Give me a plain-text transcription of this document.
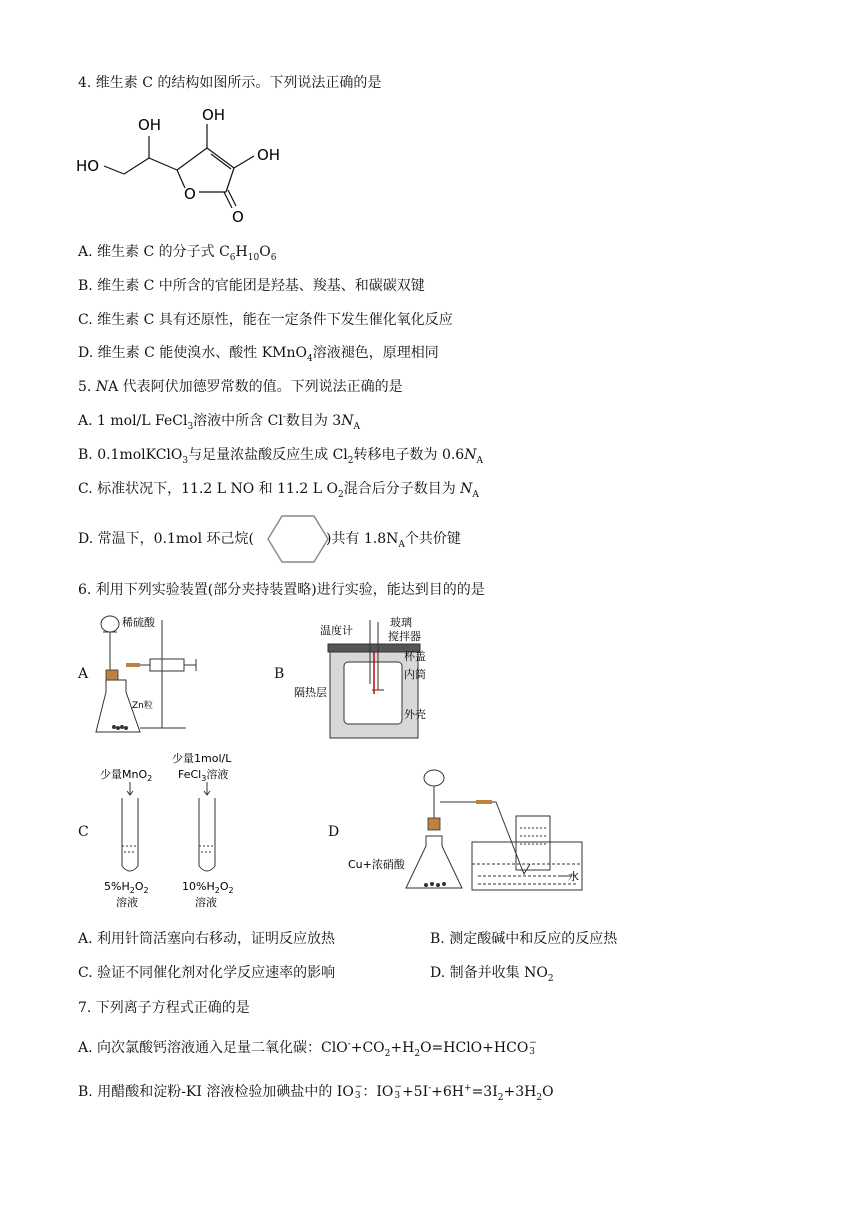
4. 维生素 C 的结构如图所示。下列说法正确的是
HO
OH
OH
OH
O
O
A. 维生素 C 的分子式 $C_6H_{10}O_6$
B. 维生素 C 中所含的官能团是羟基、羧基、和碳碳双键
C. 维生素 C 具有还原性，能在一定条件下发生催化氧化反应
D. 维生素 C 能使溴水、酸性 KMnO$_4$溶液褪色，原理相同
5. NA 代表阿伏加德罗常数的值。下列说法正确的是
A. 1 mol/L FeCl$_3$溶液中所含 Cl-数目为 $3N_A$
B. 0.1molKClO$_3$与足量浓盐酸反应生成 $Cl_2$转移电子数为 $0.6N_A$
C. 标准状况下，11.2 L NO 和 11.2 L $O_2$混合后分子数目为 $N_A$
D. 常温下，0.1mol 环己烷(	)共有 $1.8N_A$个共价键
6. 利用下列实验装置(部分夹持装置略)进行实验，能达到目的的是
A
稀硫酸
Zn粒
B
温度计
玻璃
搅拌器
杯盖
内筒
隔热层
外壳
C
少量MnO$_2$
少量1mol/L
FeCl$_3$溶液
$5\%H_2O_2$
溶液
$10\%H_2O_2$
溶液
D
Cu+浓硝酸
水
A. 利用针筒活塞向右移动，证明反应放热	B. 测定酸碱中和反应的反应热
C. 验证不同催化剂对化学反应速率的影响	D. 制备并收集 $NO_2$
7. 下列离子方程式正确的是
A. 向次氯酸钙溶液通入足量二氧化碳：$ClO^-+CO_2+H_2O=HClO+HCO$ −
3
B. 用醋酸和淀粉-KI 溶液检验加碘盐中的 IO −
3 ：IO −
$3 +5I^-+6H^+=3I_2+3H_2O$
